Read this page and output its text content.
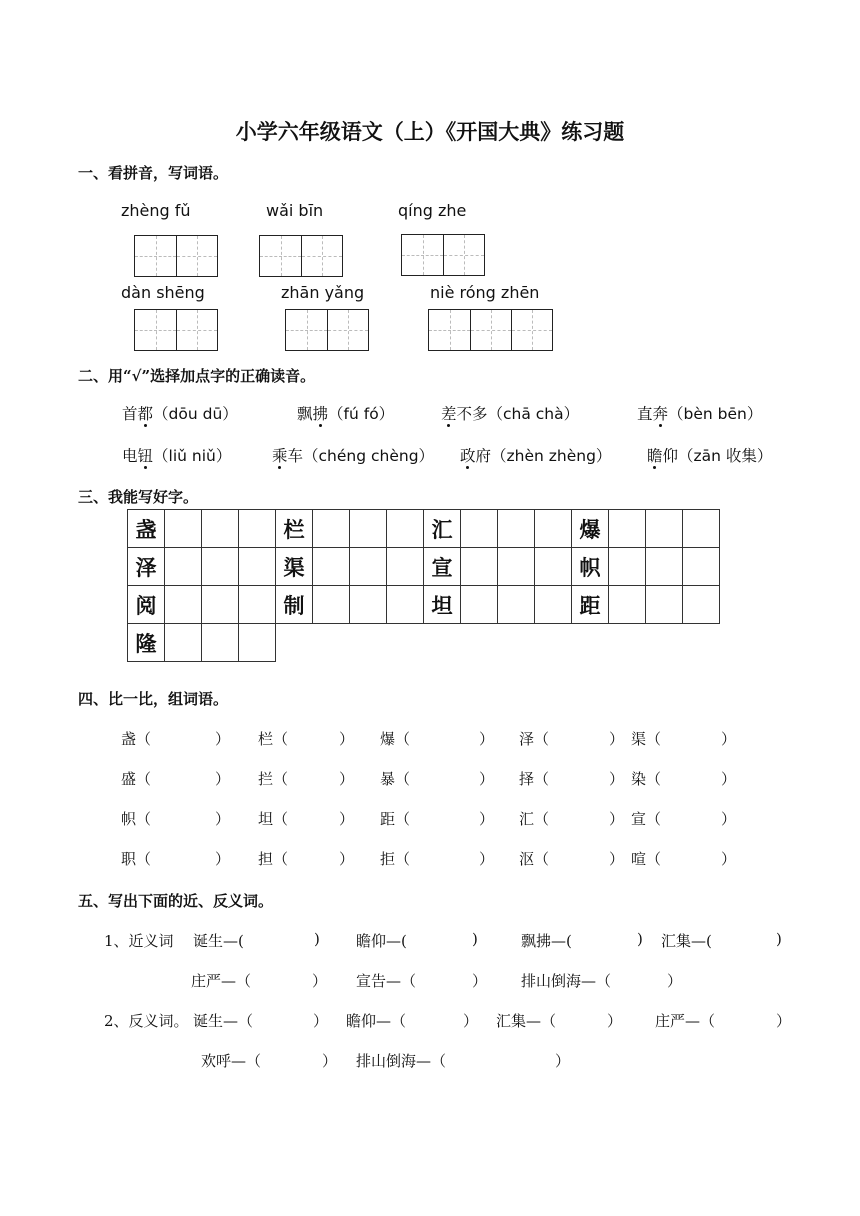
小学六年级语文（上）《开国大典》练习题
一、看拼音，写词语。
zhèng fǔ	wǎi bīn	qíng zhe
dàn shēng	zhān yǎng	niè róng zhēn
二、用“√”选择加点字的正确读音。
首都（dōu dū）	飘拂（fú fó）	差不多（chā chà）	直奔（bèn bēn）
电钮（liǔ niǔ）	乘车（chéng chèng） 政府（zhèn zhèng） 瞻仰（zān 收集）
三、我能写好字。
盏				栏				汇				爆			
泽				渠				宣				帜			
阅				制				坦				距			
隆															
四、比一比，组词语。
盏（	） 栏（	） 爆（	） 泽（	） 渠（	）
盛（	） 拦（	） 暴（	） 择（	） 染（	）
帜（	） 坦（	） 距（	） 汇（	） 宣（	）
职（	） 担（	） 拒（	） 沤（	） 喧（	）
五、写出下面的近、反义词。
1、近义词 诞生—(	) 瞻仰—(	)	飘拂—(	) 汇集—(	)
庄严—（	） 宣告—（	） 排山倒海—（	）
2、反义词。 诞生—（	） 瞻仰—（	） 汇集—（	） 庄严—（	）
欢呼—（	） 排山倒海—（	）
